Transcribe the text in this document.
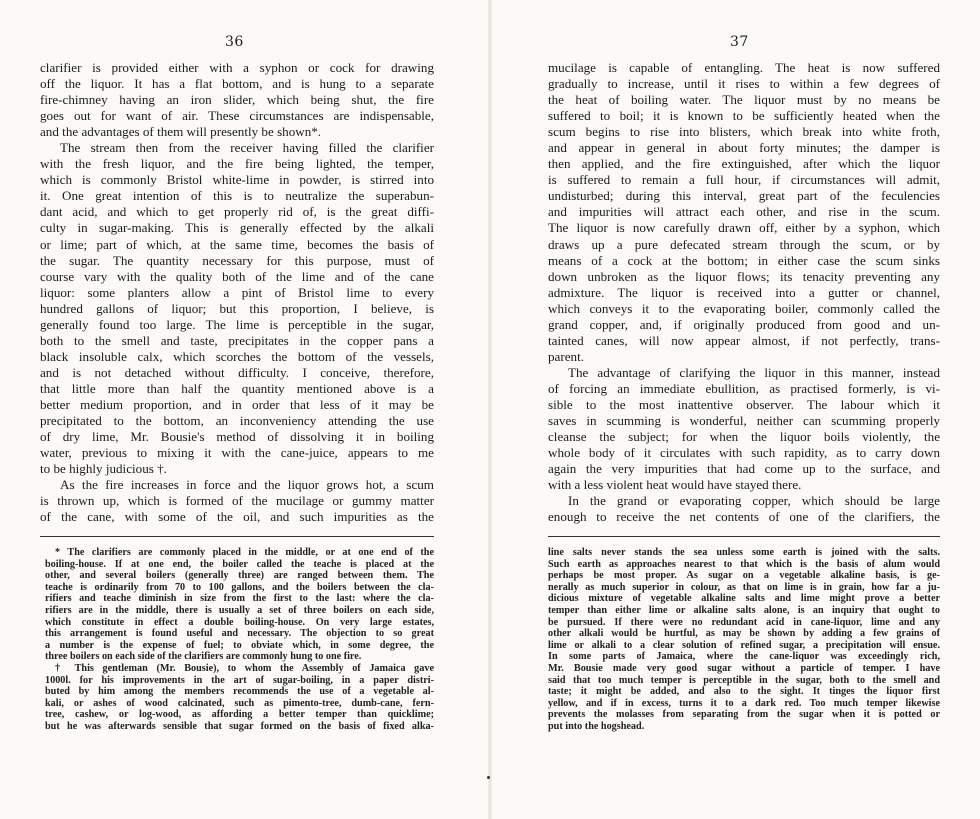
36

clarifier is provided either with a syphon or cock for drawing

off the liquor. It has a flat bottom, and is hung to a separate

fire-chimney having an iron slider, which being shut, the fire

goes out for want of air. These circumstances are indispensable,

and the advantages of them will presently be shown*.

The stream then from the receiver having filled the clarifier

with the fresh liquor, and the fire being lighted, the temper,

which is commonly Bristol white-lime in powder, is stirred into

it. One great intention of this is to neutralize the superabun-

dant acid, and which to get properly rid of, is the great diffi-

culty in sugar-making. This is generally effected by the alkali

or lime; part of which, at the same time, becomes the basis of

the sugar. The quantity necessary for this purpose, must of

course vary with the quality both of the lime and of the cane

liquor: some planters allow a pint of Bristol lime to every

hundred gallons of liquor; but this proportion, I believe, is

generally found too large. The lime is perceptible in the sugar,

both to the smell and taste, precipitates in the copper pans a

black insoluble calx, which scorches the bottom of the vessels,

and is not detached without difficulty. I conceive, therefore,

that little more than half the quantity mentioned above is a

better medium proportion, and in order that less of it may be

precipitated to the bottom, an inconveniency attending the use

of dry lime, Mr. Bousie's method of dissolving it in boiling

water, previous to mixing it with the cane-juice, appears to me

to be highly judicious †.

As the fire increases in force and the liquor grows hot, a scum

is thrown up, which is formed of the mucilage or gummy matter

of the cane, with some of the oil, and such impurities as the

* The clarifiers are commonly placed in the middle, or at one end of the

boiling-house. If at one end, the boiler called the teache is placed at the

other, and several boilers (generally three) are ranged between them. The

teache is ordinarily from 70 to 100 gallons, and the boilers between the cla-

rifiers and teache diminish in size from the first to the last: where the cla-

rifiers are in the middle, there is usually a set of three boilers on each side,

which constitute in effect a double boiling-house. On very large estates,

this arrangement is found useful and necessary. The objection to so great

a number is the expense of fuel; to obviate which, in some degree, the

three boilers on each side of the clarifiers are commonly hung to one fire.

† This gentleman (Mr. Bousie), to whom the Assembly of Jamaica gave

1000l. for his improvements in the art of sugar-boiling, in a paper distri-

buted by him among the members recommends the use of a vegetable al-

kali, or ashes of wood calcinated, such as pimento-tree, dumb-cane, fern-

tree, cashew, or log-wood, as affording a better temper than quicklime;

but he was afterwards sensible that sugar formed on the basis of fixed alka-

37

mucilage is capable of entangling. The heat is now suffered

gradually to increase, until it rises to within a few degrees of

the heat of boiling water. The liquor must by no means be

suffered to boil; it is known to be sufficiently heated when the

scum begins to rise into blisters, which break into white froth,

and appear in general in about forty minutes; the damper is

then applied, and the fire extinguished, after which the liquor

is suffered to remain a full hour, if circumstances will admit,

undisturbed; during this interval, great part of the feculencies

and impurities will attract each other, and rise in the scum.

The liquor is now carefully drawn off, either by a syphon, which

draws up a pure defecated stream through the scum, or by

means of a cock at the bottom; in either case the scum sinks

down unbroken as the liquor flows; its tenacity preventing any

admixture. The liquor is received into a gutter or channel,

which conveys it to the evaporating boiler, commonly called the

grand copper, and, if originally produced from good and un-

tainted canes, will now appear almost, if not perfectly, trans-

parent.

The advantage of clarifying the liquor in this manner, instead

of forcing an immediate ebullition, as practised formerly, is vi-

sible to the most inattentive observer. The labour which it

saves in scumming is wonderful, neither can scumming properly

cleanse the subject; for when the liquor boils violently, the

whole body of it circulates with such rapidity, as to carry down

again the very impurities that had come up to the surface, and

with a less violent heat would have stayed there.

In the grand or evaporating copper, which should be large

enough to receive the net contents of one of the clarifiers, the

line salts never stands the sea unless some earth is joined with the salts.

Such earth as approaches nearest to that which is the basis of alum would

perhaps be most proper. As sugar on a vegetable alkaline basis, is ge-

nerally as much superior in colour, as that on lime is in grain, how far a ju-

dicious mixture of vegetable alkaline salts and lime might prove a better

temper than either lime or alkaline salts alone, is an inquiry that ought to

be pursued. If there were no redundant acid in cane-liquor, lime and any

other alkali would be hurtful, as may be shown by adding a few grains of

lime or alkali to a clear solution of refined sugar, a precipitation will ensue.

In some parts of Jamaica, where the cane-liquor was exceedingly rich,

Mr. Bousie made very good sugar without a particle of temper. I have

said that too much temper is perceptible in the sugar, both to the smell and

taste; it might be added, and also to the sight. It tinges the liquor first

yellow, and if in excess, turns it to a dark red. Too much temper likewise

prevents the molasses from separating from the sugar when it is potted or

put into the hogshead.
